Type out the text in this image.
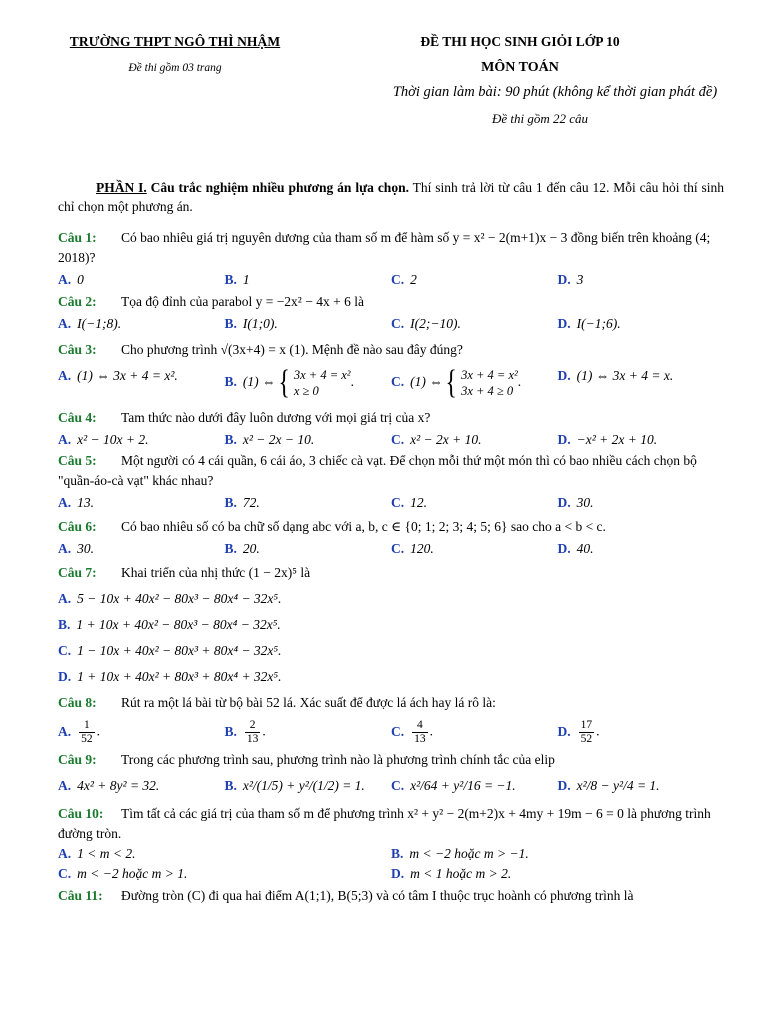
TRƯỜNG THPT NGÔ THÌ NHẬM
Đề thi gồm 03 trang
ĐỀ THI HỌC SINH GIỎI LỚP 10
MÔN TOÁN
Thời gian làm bài: 90 phút (không kể thời gian phát đề)
Đề thi gồm 22 câu

PHẦN I. Câu trắc nghiệm nhiều phương án lựa chọn. Thí sinh trả lời từ câu 1 đến câu 12. Mỗi câu hỏi thí sinh chỉ chọn một phương án.

Câu 1: Có bao nhiêu giá trị nguyên dương của tham số m để hàm số y = x² − 2(m+1)x − 3 đồng biến trên khoảng (4; 2018)?
A. 0	B. 1	C. 2	D. 3
Câu 2: Tọa độ đỉnh của parabol y = −2x² − 4x + 6 là
A. I(−1;8).	B. I(1;0).	C. I(2;−10).	D. I(−1;6).
Câu 3: Cho phương trình √(3x+4) = x (1). Mệnh đề nào sau đây đúng?
A. (1) ⇔ 3x + 4 = x².	B. (1) ⇔ { 3x + 4 = x²
x ≥ 0
.	C. (1) ⇔ { 3x + 4 = x²
3x + 4 ≥ 0
.	D. (1) ⇔ 3x + 4 = x.
Câu 4: Tam thức nào dưới đây luôn dương với mọi giá trị của x?
A. x² − 10x + 2.	B. x² − 2x − 10.	C. x² − 2x + 10.	D. −x² + 2x + 10.
Câu 5: Một người có 4 cái quần, 6 cái áo, 3 chiếc cà vạt. Để chọn mỗi thứ một món thì có bao nhiều cách chọn bộ "quần-áo-cà vạt" khác nhau?
A. 13.	B. 72.	C. 12.	D. 30.
Câu 6: Có bao nhiêu số có ba chữ số dạng abc với a, b, c ∈ {0; 1; 2; 3; 4; 5; 6} sao cho a < b < c.
A. 30.	B. 20.	C. 120.	D. 40.
Câu 7: Khai triển của nhị thức (1 − 2x)⁵ là
A. 5 − 10x + 40x² − 80x³ − 80x⁴ − 32x⁵.
B. 1 + 10x + 40x² − 80x³ − 80x⁴ − 32x⁵.
C. 1 − 10x + 40x² − 80x³ + 80x⁴ − 32x⁵.
D. 1 + 10x + 40x² + 80x³ + 80x⁴ + 32x⁵.
Câu 8: Rút ra một lá bài từ bộ bài 52 lá. Xác suất để được lá ách hay lá rô là:
A. $\frac{1}{52}$ .	B. $\frac{2}{13}$ .	C. $\frac{4}{13}$ .	D. $\frac{17}{52}$ .
Câu 9: Trong các phương trình sau, phương trình nào là phương trình chính tắc của elip
A. 4x² + 8y² = 32.	B. x²/(1/5) + y²/(1/2) = 1.	C. x²/64 + y²/16 = −1.	D. x²/8 − y²/4 = 1.
Câu 10: Tìm tất cả các giá trị của tham số m để phương trình x² + y² − 2(m+2)x + 4my + 19m − 6 = 0 là phương trình đường tròn.
A. 1 < m < 2.	B. m < −2 hoặc m > −1.
C. m < −2 hoặc m > 1.	D. m < 1 hoặc m > 2.
Câu 11: Đường tròn (C) đi qua hai điểm A(1;1), B(5;3) và có tâm I thuộc trục hoành có phương trình là
